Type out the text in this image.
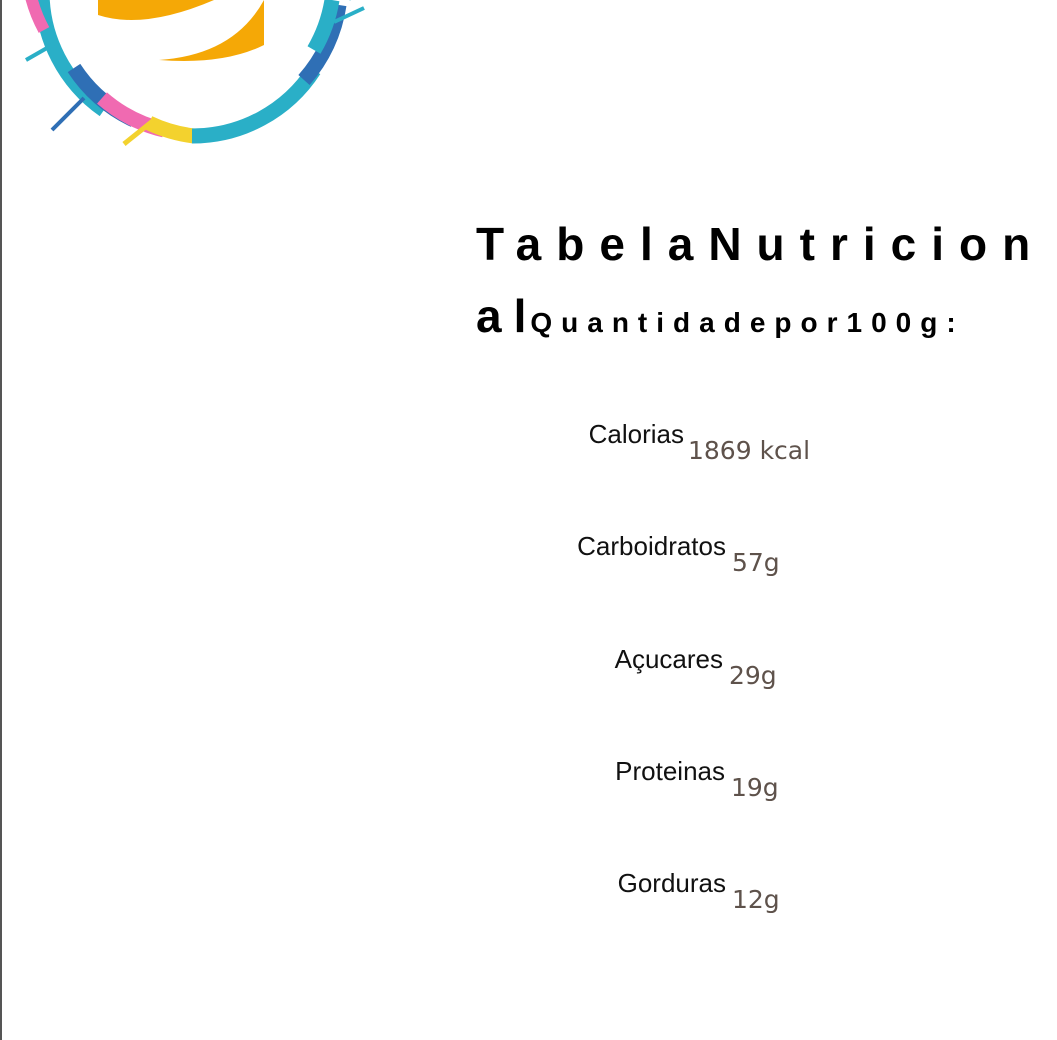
TabelaNutricion
alQuantidadepor100g:
Calorias
1869 kcal
Carboidratos
57g
Açucares
29g
Proteinas
19g
Gorduras
12g
